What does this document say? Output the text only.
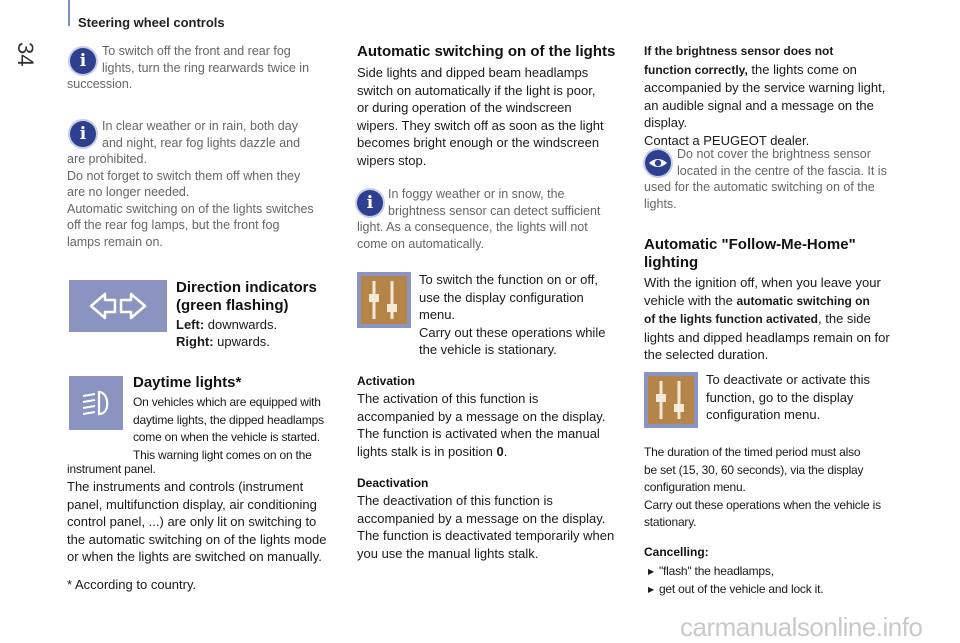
34
Steering wheel controls
i	To switch off the front and rear fog

lights, turn the ring rearwards twice in

succession.
i	In clear weather or in rain, both day

and night, rear fog lights dazzle and

are prohibited.

Do not forget to switch them off when they

are no longer needed.

Automatic switching on of the lights switches

off the rear fog lamps, but the front fog

lamps remain on.

Direction indicators

(green flashing)

Left: downwards.
Right: upwards.
Daytime lights*

On vehicles which are equipped with

daytime lights, the dipped headlamps

come on when the vehicle is started.

This warning light comes on on the

instrument panel.

The instruments and controls (instrument

panel, multifunction display, air conditioning

control panel, ...) are only lit on switching to

the automatic switching on of the lights mode

or when the lights are switched on manually.

* According to country.
Automatic switching on of the lights

Side lights and dipped beam headlamps

switch on automatically if the light is poor,

or during operation of the windscreen

wipers. They switch off as soon as the light

becomes bright enough or the windscreen

wipers stop.

i	In foggy weather or in snow, the

brightness sensor can detect sufficient

light. As a consequence, the lights will not

come on automatically.

To switch the function on or off,

use the display configuration

menu.

Carry out these operations while

the vehicle is stationary.

Activation

The activation of this function is

accompanied by a message on the display.

The function is activated when the manual

lights stalk is in position 0.

Deactivation

The deactivation of this function is

accompanied by a message on the display.

The function is deactivated temporarily when

you use the manual lights stalk.

If the brightness sensor does not

function correctly, the lights come on

accompanied by the service warning light,

an audible signal and a message on the

display.

Contact a PEUGEOT dealer.

Do not cover the brightness sensor

located in the centre of the fascia. It is

used for the automatic switching on of the

lights.

Automatic "Follow-Me-Home"

lighting

With the ignition off, when you leave your

vehicle with the automatic switching on

of the lights function activated, the side

lights and dipped headlamps remain on for

the selected duration.

To deactivate or activate this

function, go to the display

configuration menu.

The duration of the timed period must also

be set (15, 30, 60 seconds), via the display

configuration menu.

Carry out these operations when the vehicle is

stationary.

Cancelling:

▶ "flash" the headlamps,

▶ get out of the vehicle and lock it.

carmanualsonline.info
